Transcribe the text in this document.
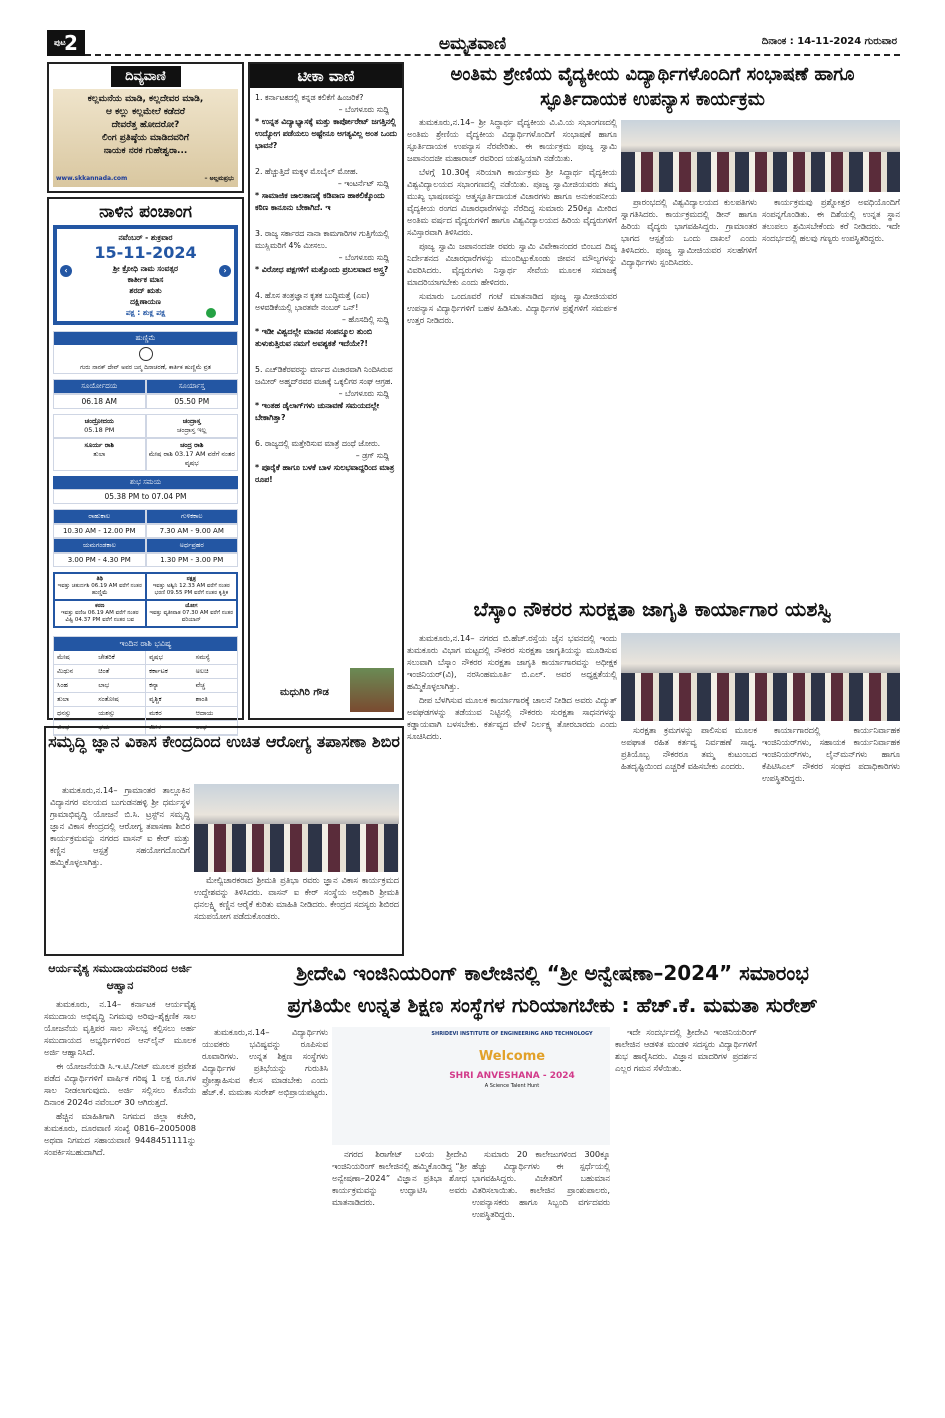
ಪುಟ
2	ಅಮೃತವಾಣಿ	ದಿನಾಂಕ : 14-11-2024 ಗುರುವಾರ
ದಿವ್ಯವಾಣಿ
ಕಲ್ಲಮನೆಯ ಮಾಡಿ, ಕಲ್ಲದೇವರ ಮಾಡಿ,
ಆ ಕಲ್ಲು ಕಲ್ಲಮೇಲೆ ಕಡೆದರೆ
ದೇವರೆತ್ತ ಹೋದರೋ?
ಲಿಂಗ ಪ್ರತಿಷ್ಠೆಯ ಮಾಡಿದವರಿಗೆ
ನಾಯಕ ನರಕ ಗುಹೇಶ್ವರಾ...
www.skkannada.com	– ಅಲ್ಲಮಪ್ರಭು
ನಾಳಿನ ಪಂಚಾಂಗ
ನವೆಂಬರ್ - ಶುಕ್ರವಾರ
15-11-2024
ಶ್ರೀ ಕ್ರೋಧಿ ನಾಮ ಸಂವತ್ಸರ
ಕಾರ್ತೀಕ ಮಾಸ
ಶರದ್ ಋತು
ದಕ್ಷಿಣಾಯಣ
ಪಕ್ಷ : ಶುಕ್ಲ ಪಕ್ಷ
‹	›
ಹುಣ್ಣಿಮೆ
ಗುರು ನಾನಕ್ ದೇವ್ ಅವರ ಜನ್ಮ ದಿನಾಚರಣೆ, ಕಾರ್ತಿಕ ಹುಣ್ಣಿಮೆ ವ್ರತ
ಸೂರ್ಯೋದಯ	ಸೂರ್ಯಾಸ್ತ
06.18 AM	05.50 PM
ಚಂದ್ರೋದಯ
05.18 PM
ಚಂದ್ರಾಸ್ತ
ಚಂದ್ರಾಸ್ತ ಇಲ್ಲ
ಸೂರ್ಯ ರಾಶಿ
ತುಲಾ
ಚಂದ್ರ ರಾಶಿ
ಮೇಷ ರಾಶಿ 03.17 AM ವರೆಗೆ ನಂತರ ವೃಷಭ
ಶುಭ ಸಮಯ
05.38 PM to 07.04 PM
ರಾಹುಕಾಲ	ಗುಳಿಕಕಾಲ
10.30 AM - 12.00 PM	7.30 AM - 9.00 AM
ಯಮಗಂಡಕಾಲ	ಅರ್ಧಪ್ರಹರ
3.00 PM - 4.30 PM	1.30 PM - 3.00 PM
ತಿಥಿ
ಇವತ್ತು ಚತುರ್ದಶಿ 06.19 AM ವರೆಗೆ ನಂತರ ಹುಣ್ಣಿಮೆ
ನಕ್ಷತ್ರ
ಇವತ್ತು ಅಶ್ವಿನಿ 12.33 AM ವರೆಗೆ ನಂತರ ಭರಣಿ 09.55 PM ವರೆಗೆ ನಂತರ ಕೃತ್ತಿಕ
ಕರಣ
ಇವತ್ತು ವಣಿಜ 06.19 AM ವರೆಗೆ ನಂತರ ವಿಷ್ಟಿ 04.37 PM ವರೆಗೆ ನಂತರ ಬವ
ಯೋಗ
ಇವತ್ತು ವ್ಯತೀಪಾತ 07.30 AM ವರೆಗೆ ನಂತರ ವರಿಯಾನ್
ಇಂದಿನ ರಾಶಿ ಭವಿಷ್ಯ
ಮೇಷ	ಚೇತರಿಕೆ	ವೃಷಭ	ಸಮಸ್ಯೆ
ಮಿಥುನ	ಚಿಂತೆ	ಕರ್ಕಾಟಕ	ಅಲಚಿ
ಸಿಂಹ	ಲಾಭ	ಕನ್ಯಾ	ವೆಚ್ಚ
ತುಲಾ	ಸಂತೋಷ	ವೃಶ್ಚಿಕ	ಶಾಂತಿ
ಧನಸ್ಸು	ಯಶಸ್ಸು	ಮಕರ	ಆದಾಯ
ಕುಂಭ	ಭಯ	ಮೀನ	ಲಾಭ
ಟೀಕಾ ವಾಣಿ
1. ಕರ್ನಾಟಕದಲ್ಲಿ ಕನ್ನಡ ಕಲಿಕೆಗೆ ಹಿಂಜರಿಕೆ?
– ಬೆಂಗಳೂರು ಸುದ್ದಿ
* ಉನ್ನತ ವಿದ್ಯಾಭ್ಯಾಸಕ್ಕೆ ಮತ್ತು ಕಾರ್ಪೋರೇಟ್ ಜಗತ್ತಿನಲ್ಲಿ ಉದ್ಯೋಗ ಪಡೆಯಲು ಅಷ್ಟೇನೂ ಅಗತ್ಯವಿಲ್ಲ ಅಂತ ಒಂದು ಭಾವನೆ?
2. ಹೆಚ್ಚುತ್ತಿದೆ ಮಕ್ಕಳ ಮೊಬೈಲ್ ಮೋಹ.
– ಇಂಟರ್ನೆಟ್ ಸುದ್ದಿ
* ಸಾಮಾಜಿಕ ಜಾಲತಾಣಕ್ಕೆ ಕಡಿವಾಣ ಹಾಕಲಿಕ್ಕೊಂದು ಕಠಿಣ ಕಾನೂನು ಬೇಕಾಗಿದೆ. ಇ
3. ರಾಜ್ಯ ಸರ್ಕಾರದ ನಾನಾ ಕಾಮಗಾರಿಗಳ ಗುತ್ತಿಗೆಯಲ್ಲಿ ಮುಸ್ಲಿಮರಿಗೆ 4% ಮೀಸಲು.
– ಬೆಂಗಳೂರು ಸುದ್ದಿ
* ವಿರೋಧ ಪಕ್ಷಗಳಿಗೆ ಮತ್ತೊಂದು ಪ್ರಬಲವಾದ ಅಸ್ತ್ರ?
4. ಹೊಸ ತಂತ್ರಜ್ಞಾನ ಕೃತಕ ಬುದ್ಧಿಮತ್ತೆ (ಎಐ) ಅಳವಡಿಕೆಯಲ್ಲಿ ಭಾರತವೇ ನಂಬರ್ ಒನ್!
– ಹೊಸದಿಲ್ಲಿ ಸುದ್ದಿ
* ಇಡೀ ವಿಶ್ವದಲ್ಲೇ ಮಾನವ ಸಂಪನ್ಮೂಲ ತುಂಬಿ ತುಳುಕುತ್ತಿರುವ ನಮಗೆ ಅವಶ್ಯಕತೆ ಇದೆಯೇ?!
5. ಎಚ್‌ಡಿಕೆರವರನ್ನು ವರ್ಣದ ವಿಚಾರವಾಗಿ ನಿಂದಿಸಿರುವ ಜಮೀರ್ ಅಹ್ಮದ್‌ರವರ ವಜಾಕ್ಕೆ ಒಕ್ಕಲಿಗರ ಸಂಘ ಆಗ್ರಹ.
– ಬೆಂಗಳೂರು ಸುದ್ದಿ
* ಇಂತಹ ಡೈಲಾಗ್‌ಗಳು ಚುನಾವಣೆ ಸಮಯದಲ್ಲೇ ಬೇಕಾಗಿತ್ತಾ?
6. ರಾಜ್ಯದಲ್ಲಿ ಮತ್ತೇರಿಸುವ ಮಾತ್ರೆ ದಂಧೆ ಜೋರು.
– ಡ್ರಗ್ ಸುದ್ದಿ
* ಪೂರೈಕೆ ಹಾಗೂ ಬಳಕೆ ಬಾಳ ಸುಲಭವಾದ್ದರಿಂದ ಮಾತ್ರ ರೂಪ!
ಮಧುಗಿರಿ ಗೌಡ
ಅಂತಿಮ ಶ್ರೇಣಿಯ ವೈದ್ಯಕೀಯ ವಿದ್ಯಾರ್ಥಿಗಳೊಂದಿಗೆ ಸಂಭಾಷಣೆ ಹಾಗೂ ಸ್ಫೂರ್ತಿದಾಯಕ ಉಪನ್ಯಾಸ ಕಾರ್ಯಕ್ರಮ

ತುಮಕೂರು,ನ.14– ಶ್ರೀ ಸಿದ್ಧಾರ್ಥ ವೈದ್ಯಕೀಯ ವಿ.ವಿ.ಯ ಸಭಾಂಗಣದಲ್ಲಿ ಅಂತಿಮ ಶ್ರೇಣಿಯ ವೈದ್ಯಕೀಯ ವಿದ್ಯಾರ್ಥಿಗಳೊಂದಿಗೆ ಸಂಭಾಷಣೆ ಹಾಗೂ ಸ್ಫೂರ್ತಿದಾಯಕ ಉಪನ್ಯಾಸ ನೆರವೇರಿತು. ಈ ಕಾರ್ಯಕ್ರಮ ಪೂಜ್ಯ ಸ್ವಾಮಿ ಜಪಾನಂದಜೀ ಮಹಾರಾಜ್ ರವರಿಂದ ಯಶಸ್ವಿಯಾಗಿ ನಡೆಯಿತು.

ಬೆಳಗ್ಗೆ 10.30ಕ್ಕೆ ಸರಿಯಾಗಿ ಕಾರ್ಯಕ್ರಮ ಶ್ರೀ ಸಿದ್ಧಾರ್ಥ ವೈದ್ಯಕೀಯ ವಿಶ್ವವಿದ್ಯಾಲಯದ ಸಭಾಂಗಣದಲ್ಲಿ ನಡೆಯಿತು. ಪೂಜ್ಯ ಸ್ವಾಮೀಜಿಯವರು ತಮ್ಮ ಮುಖ್ಯ ಭಾಷಣವನ್ನು ಆತ್ಮಸ್ಫೂರ್ತಿದಾಯಕ ವಿಚಾರಗಳು ಹಾಗೂ ಅನುಕಂಪನೀಯ ವೈದ್ಯಕೀಯ ರಂಗದ ವಿಚಾರಧಾರೆಗಳನ್ನು ನೆರೆದಿದ್ದ ಸುಮಾರು 250ಕ್ಕೂ ಮೀರಿದ ಅಂತಿಮ ವರ್ಷದ ವೈದ್ಯರುಗಳಿಗೆ ಹಾಗೂ ವಿಶ್ವವಿದ್ಯಾಲಯದ ಹಿರಿಯ ವೈದ್ಯರುಗಳಿಗೆ ಸವಿಸ್ತಾರವಾಗಿ ತಿಳಿಸಿದರು.

ಪೂಜ್ಯ ಸ್ವಾಮಿ ಜಪಾನಂದಜೀ ರವರು ಸ್ವಾಮಿ ವಿವೇಕಾನಂದರ ಬಿಂಬದ ದಿವ್ಯ ನಿರ್ದೇಶನದ ವಿಚಾರಧಾರೆಗಳನ್ನು ಮುಂದಿಟ್ಟುಕೊಂಡು ಜೀವನ ಮೌಲ್ಯಗಳನ್ನು ವಿವರಿಸಿದರು. ವೈದ್ಯರುಗಳು ನಿಸ್ವಾರ್ಥ ಸೇವೆಯ ಮೂಲಕ ಸಮಾಜಕ್ಕೆ ಮಾದರಿಯಾಗಬೇಕು ಎಂದು ಹೇಳಿದರು.

ಸುಮಾರು ಒಂದೂವರೆ ಗಂಟೆ ಮಾತನಾಡಿದ ಪೂಜ್ಯ ಸ್ವಾಮೀಜಿಯವರ ಉಪನ್ಯಾಸ ವಿದ್ಯಾರ್ಥಿಗಳಿಗೆ ಬಹಳ ಹಿಡಿಸಿತು. ವಿದ್ಯಾರ್ಥಿಗಳ ಪ್ರಶ್ನೆಗಳಿಗೆ ಸಮರ್ಪಕ ಉತ್ತರ ನೀಡಿದರು.

ಪ್ರಾರಂಭದಲ್ಲಿ ವಿಶ್ವವಿದ್ಯಾಲಯದ ಕುಲಪತಿಗಳು ಸ್ವಾಗತಿಸಿದರು. ಕಾರ್ಯಕ್ರಮದಲ್ಲಿ ಡೀನ್ ಹಾಗೂ ಹಿರಿಯ ವೈದ್ಯರು ಭಾಗವಹಿಸಿದ್ದರು. ಗ್ರಾಮಾಂತರ ಭಾಗದ ಆಸ್ಪತ್ರೆಯ ಒಂದು ದಾಖಲೆ ಎಂದು ತಿಳಿಸಿದರು. ಪೂಜ್ಯ ಸ್ವಾಮೀಜಿಯವರ ಸಲಹೆಗಳಿಗೆ ವಿದ್ಯಾರ್ಥಿಗಳು ಸ್ಪಂದಿಸಿದರು.

ಕಾರ್ಯಕ್ರಮವು ಪ್ರಶ್ನೋತ್ತರ ಅವಧಿಯೊಂದಿಗೆ ಸಂಪನ್ನಗೊಂಡಿತು. ಈ ದಿಶೆಯಲ್ಲಿ ಉನ್ನತ ಸ್ಥಾನ ತಲುಪಲು ಶ್ರಮಿಸಬೇಕೆಂದು ಕರೆ ನೀಡಿದರು. ಇದೇ ಸಂದರ್ಭದಲ್ಲಿ ಹಲವು ಗಣ್ಯರು ಉಪಸ್ಥಿತರಿದ್ದರು.

ಬೆಸ್ಕಾಂ ನೌಕರರ ಸುರಕ್ಷತಾ ಜಾಗೃತಿ ಕಾರ್ಯಾಗಾರ ಯಶಸ್ವಿ

ತುಮಕೂರು,ನ.14– ನಗರದ ಬಿ.ಹೆಚ್.ರಸ್ತೆಯ ಜೈನ ಭವನದಲ್ಲಿ ಇಂದು ತುಮಕೂರು ವಿಭಾಗ ಮಟ್ಟದಲ್ಲಿ ನೌಕರರ ಸುರಕ್ಷತಾ ಜಾಗೃತಿಯನ್ನು ಮೂಡಿಸುವ ಸಲುವಾಗಿ ಬೆಸ್ಕಾಂ ನೌಕರರ ಸುರಕ್ಷತಾ ಜಾಗೃತಿ ಕಾರ್ಯಾಗಾರವನ್ನು ಅಧೀಕ್ಷಕ ಇಂಜಿನಿಯರ್(ವಿ), ನರಸಿಂಹಮೂರ್ತಿ ಬಿ.ಎಲ್. ಅವರ ಅಧ್ಯಕ್ಷತೆಯಲ್ಲಿ ಹಮ್ಮಿಕೊಳ್ಳಲಾಗಿತ್ತು.

ದೀಪ ಬೆಳಗಿಸುವ ಮೂಲಕ ಕಾರ್ಯಾಗಾರಕ್ಕೆ ಚಾಲನೆ ನೀಡಿದ ಅವರು ವಿದ್ಯುತ್ ಅವಘಡಗಳನ್ನು ತಡೆಯುವ ನಿಟ್ಟಿನಲ್ಲಿ ನೌಕರರು ಸುರಕ್ಷತಾ ಸಾಧನಗಳನ್ನು ಕಡ್ಡಾಯವಾಗಿ ಬಳಸಬೇಕು. ಕರ್ತವ್ಯದ ವೇಳೆ ನಿರ್ಲಕ್ಷ್ಯ ತೋರಬಾರದು ಎಂದು ಸೂಚಿಸಿದರು.

ಸುರಕ್ಷತಾ ಕ್ರಮಗಳನ್ನು ಪಾಲಿಸುವ ಮೂಲಕ ಅಪಘಾತ ರಹಿತ ಕರ್ತವ್ಯ ನಿರ್ವಹಣೆ ಸಾಧ್ಯ. ಪ್ರತಿಯೊಬ್ಬ ನೌಕರರೂ ತಮ್ಮ ಕುಟುಂಬದ ಹಿತದೃಷ್ಟಿಯಿಂದ ಎಚ್ಚರಿಕೆ ವಹಿಸಬೇಕು ಎಂದರು.

ಕಾರ್ಯಾಗಾರದಲ್ಲಿ ಕಾರ್ಯನಿರ್ವಾಹಕ ಇಂಜಿನಿಯರ್‌ಗಳು, ಸಹಾಯಕ ಕಾರ್ಯನಿರ್ವಾಹಕ ಇಂಜಿನಿಯರ್‌ಗಳು, ಲೈನ್‌ಮನ್‌ಗಳು ಹಾಗೂ ಕೆಪಿಟಿಸಿಎಲ್ ನೌಕರರ ಸಂಘದ ಪದಾಧಿಕಾರಿಗಳು ಉಪಸ್ಥಿತರಿದ್ದರು.

ಸಮೃದ್ಧಿ ಜ್ಞಾನ ವಿಕಾಸ ಕೇಂದ್ರದಿಂದ ಉಚಿತ ಆರೋಗ್ಯ ತಪಾಸಣಾ ಶಿಬಿರ

ತುಮಕೂರು,ನ.14– ಗ್ರಾಮಾಂತರ ತಾಲ್ಲೂಕಿನ ವಿದ್ಯಾನಗರ ವಲಯದ ಬುಗುಡನಹಳ್ಳಿ ಶ್ರೀ ಧರ್ಮಸ್ಥಳ ಗ್ರಾಮಾಭಿವೃದ್ಧಿ ಯೋಜನೆ ಬಿ.ಸಿ. ಟ್ರಸ್ಟ್‌ನ ಸಮೃದ್ಧಿ ಜ್ಞಾನ ವಿಕಾಸ ಕೇಂದ್ರದಲ್ಲಿ ಆರೋಗ್ಯ ತಪಾಸಣಾ ಶಿಬಿರ ಕಾರ್ಯಕ್ರಮವನ್ನು ನಗರದ ವಾಸನ್ ಐ ಕೇರ್ ಮತ್ತು ಕಣ್ಣಿನ ಆಸ್ಪತ್ರೆ ಸಹಯೋಗದೊಂದಿಗೆ ಹಮ್ಮಿಕೊಳ್ಳಲಾಗಿತ್ತು.

ಮೇಲ್ವಿಚಾರಕರಾದ ಶ್ರೀಮತಿ ಪ್ರತಿಭಾ ರವರು ಜ್ಞಾನ ವಿಕಾಸ ಕಾರ್ಯಕ್ರಮದ ಉದ್ದೇಶವನ್ನು ತಿಳಿಸಿದರು. ವಾಸನ್ ಐ ಕೇರ್ ಸಂಸ್ಥೆಯ ಅಧಿಕಾರಿ ಶ್ರೀಮತಿ ಧನಲಕ್ಷ್ಮಿ ಕಣ್ಣಿನ ಆರೈಕೆ ಕುರಿತು ಮಾಹಿತಿ ನೀಡಿದರು. ಕೇಂದ್ರದ ಸದಸ್ಯರು ಶಿಬಿರದ ಸದುಪಯೋಗ ಪಡೆದುಕೊಂಡರು.

ಆರ್ಯವೈಶ್ಯ ಸಮುದಾಯದವರಿಂದ ಅರ್ಜಿ ಆಹ್ವಾನ

ತುಮಕೂರು, ನ.14– ಕರ್ನಾಟಕ ಆರ್ಯವೈಶ್ಯ ಸಮುದಾಯ ಅಭಿವೃದ್ಧಿ ನಿಗಮವು ಅರಿವು–ಶೈಕ್ಷಣಿಕ ಸಾಲ ಯೋಜನೆಯ ವೃತ್ತಿಪರ ಸಾಲ ಸೌಲಭ್ಯ ಕಲ್ಪಿಸಲು ಅರ್ಹ ಸಮುದಾಯದ ಅಭ್ಯರ್ಥಿಗಳಿಂದ ಆನ್‌ಲೈನ್ ಮೂಲಕ ಅರ್ಜಿ ಆಹ್ವಾನಿಸಿದೆ.

ಈ ಯೋಜನೆಯಡಿ ಸಿ.ಇ.ಟಿ./ನೀಟ್ ಮೂಲಕ ಪ್ರವೇಶ ಪಡೆದ ವಿದ್ಯಾರ್ಥಿಗಳಿಗೆ ವಾರ್ಷಿಕ ಗರಿಷ್ಠ 1 ಲಕ್ಷ ರೂ.ಗಳ ಸಾಲ ನೀಡಲಾಗುವುದು. ಅರ್ಜಿ ಸಲ್ಲಿಸಲು ಕೊನೆಯ ದಿನಾಂಕ 2024ರ ನವೆಂಬರ್ 30 ಆಗಿರುತ್ತದೆ.

ಹೆಚ್ಚಿನ ಮಾಹಿತಿಗಾಗಿ ನಿಗಮದ ಜಿಲ್ಲಾ ಕಚೇರಿ, ತುಮಕೂರು, ದೂರವಾಣಿ ಸಂಖ್ಯೆ 0816–2005008 ಅಥವಾ ನಿಗಮದ ಸಹಾಯವಾಣಿ 9448451111ನ್ನು ಸಂಪರ್ಕಿಸಬಹುದಾಗಿದೆ.

ಶ್ರೀದೇವಿ ಇಂಜಿನಿಯರಿಂಗ್ ಕಾಲೇಜಿನಲ್ಲಿ “ಶ್ರೀ ಅನ್ವೇಷಣಾ–2024” ಸಮಾರಂಭ
ಪ್ರಗತಿಯೇ ಉನ್ನತ ಶಿಕ್ಷಣ ಸಂಸ್ಥೆಗಳ ಗುರಿಯಾಗಬೇಕು : ಹೆಚ್.ಕೆ. ಮಮತಾ ಸುರೇಶ್

ತುಮಕೂರು,ನ.14– ವಿದ್ಯಾರ್ಥಿಗಳು ಯುವಕರು ಭವಿಷ್ಯವನ್ನು ರೂಪಿಸುವ ರೂವಾರಿಗಳು. ಉನ್ನತ ಶಿಕ್ಷಣ ಸಂಸ್ಥೆಗಳು ವಿದ್ಯಾರ್ಥಿಗಳ ಪ್ರತಿಭೆಯನ್ನು ಗುರುತಿಸಿ ಪ್ರೋತ್ಸಾಹಿಸುವ ಕೆಲಸ ಮಾಡಬೇಕು ಎಂದು ಹೆಚ್.ಕೆ. ಮಮತಾ ಸುರೇಶ್ ಅಭಿಪ್ರಾಯಪಟ್ಟರು.

SHRIDEVI INSTITUTE OF ENGINEERING AND TECHNOLOGY
Welcome
SHRI ANVESHANA - 2024
A Science Talent Hunt

ನಗರದ ಶಿರಾಗೇಟ್ ಬಳಿಯ ಶ್ರೀದೇವಿ ಇಂಜಿನಿಯರಿಂಗ್ ಕಾಲೇಜಿನಲ್ಲಿ ಹಮ್ಮಿಕೊಂಡಿದ್ದ “ಶ್ರೀ ಅನ್ವೇಷಣಾ–2024” ವಿಜ್ಞಾನ ಪ್ರತಿಭಾ ಶೋಧ ಕಾರ್ಯಕ್ರಮವನ್ನು ಉದ್ಘಾಟಿಸಿ ಅವರು ಮಾತನಾಡಿದರು.

ಸುಮಾರು 20 ಕಾಲೇಜುಗಳಿಂದ 300ಕ್ಕೂ ಹೆಚ್ಚು ವಿದ್ಯಾರ್ಥಿಗಳು ಈ ಸ್ಪರ್ಧೆಯಲ್ಲಿ ಭಾಗವಹಿಸಿದ್ದರು. ವಿಜೇತರಿಗೆ ಬಹುಮಾನ ವಿತರಿಸಲಾಯಿತು. ಕಾಲೇಜಿನ ಪ್ರಾಂಶುಪಾಲರು, ಉಪನ್ಯಾಸಕರು ಹಾಗೂ ಸಿಬ್ಬಂದಿ ವರ್ಗದವರು ಉಪಸ್ಥಿತರಿದ್ದರು.

ಇದೇ ಸಂದರ್ಭದಲ್ಲಿ ಶ್ರೀದೇವಿ ಇಂಜಿನಿಯರಿಂಗ್ ಕಾಲೇಜಿನ ಆಡಳಿತ ಮಂಡಳಿ ಸದಸ್ಯರು ವಿದ್ಯಾರ್ಥಿಗಳಿಗೆ ಶುಭ ಹಾರೈಸಿದರು. ವಿಜ್ಞಾನ ಮಾದರಿಗಳ ಪ್ರದರ್ಶನ ಎಲ್ಲರ ಗಮನ ಸೆಳೆಯಿತು.
